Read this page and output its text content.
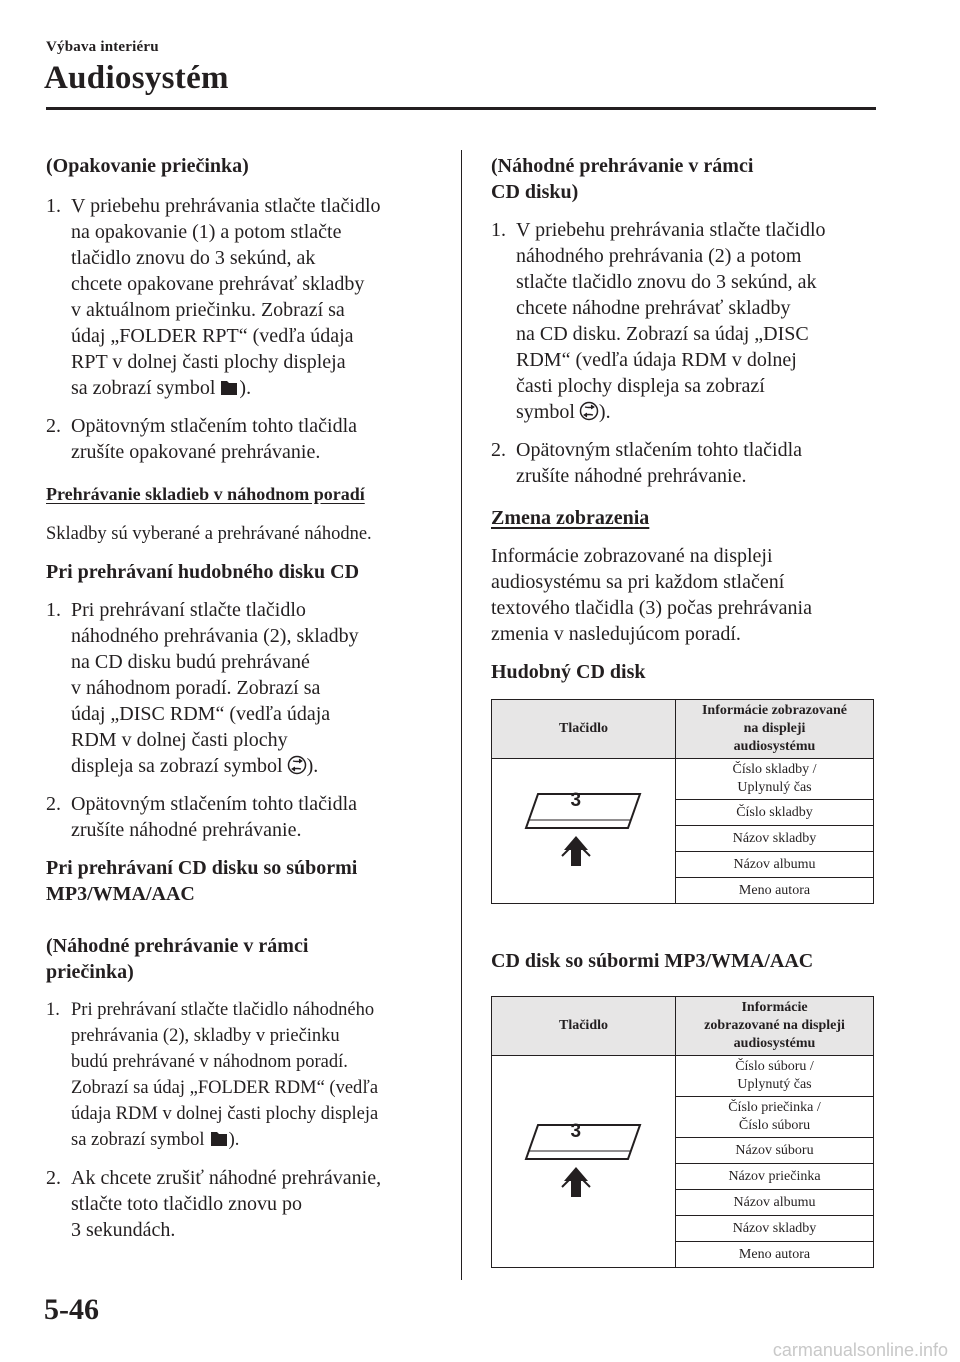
Výbava interiéru
Audiosystém

(Opakovanie priečinka)

1. V priebehu prehrávania stlačte tlačidlo
na opakovanie (1) a potom stlačte
tlačidlo znovu do 3 sekúnd, ak
chcete opakovane prehrávať skladby
v aktuálnom priečinku. Zobrazí sa
údaj „FOLDER RPT“ (vedľa údaja
RPT v dolnej časti plochy displeja
sa zobrazí symbol ).
2. Opätovným stlačením tohto tlačidla
zrušíte opakované prehrávanie.

Prehrávanie skladieb v náhodnom poradí

Skladby sú vyberané a prehrávané náhodne.

Pri prehrávaní hudobného disku CD

1. Pri prehrávaní stlačte tlačidlo
náhodného prehrávania (2), skladby
na CD disku budú prehrávané
v náhodnom poradí. Zobrazí sa
údaj „DISC RDM“ (vedľa údaja
RDM v dolnej časti plochy
displeja sa zobrazí symbol ).
2. Opätovným stlačením tohto tlačidla
zrušíte náhodné prehrávanie.
Pri prehrávaní CD disku so súbormi
MP3/WMA/AAC
(Náhodné prehrávanie v rámci
priečinka)
1. Pri prehrávaní stlačte tlačidlo náhodného
prehrávania (2), skladby v priečinku
budú prehrávané v náhodnom poradí.
Zobrazí sa údaj „FOLDER RDM“ (vedľa
údaja RDM v dolnej časti plochy displeja
sa zobrazí symbol ).
2. Ak chcete zrušiť náhodné prehrávanie,
stlačte toto tlačidlo znovu po
3 sekundách.
(Náhodné prehrávanie v rámci
CD disku)
1. V priebehu prehrávania stlačte tlačidlo
náhodného prehrávania (2) a potom
stlačte tlačidlo znovu do 3 sekúnd, ak
chcete náhodne prehrávať skladby
na CD disku. Zobrazí sa údaj „DISC
RDM“ (vedľa údaja RDM v dolnej
časti plochy displeja sa zobrazí
symbol ).
2. Opätovným stlačením tohto tlačidla
zrušíte náhodné prehrávanie.

Zmena zobrazenia

Informácie zobrazované na displeji
audiosystému sa pri každom stlačení
textového tlačidla (3) počas prehrávania
zmenia v nasledujúcom poradí.

Hudobný CD disk

Tlačidlo	Informácie zobrazované
na displeji
audiosystému

3	Číslo skladby /
Uplynulý čas

	Číslo skladby
	Názov skladby
	Názov albumu
	Meno autora

CD disk so súbormi MP3/WMA/AAC

Tlačidlo	Informácie
zobrazované na displeji
audiosystému

3	Číslo súboru /
Uplynutý čas

	Číslo priečinka /
Číslo súboru

	Názov súboru
	Názov priečinka
	Názov albumu
	Názov skladby
	Meno autora
5-46
carmanualsonline.info
